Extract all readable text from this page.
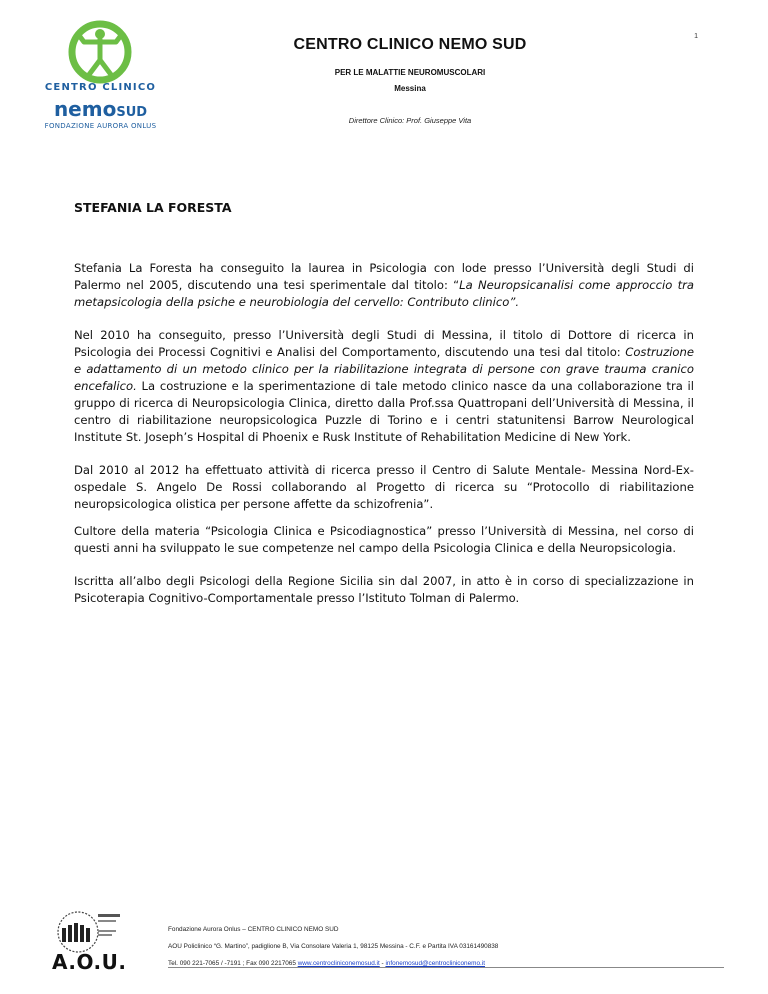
CENTRO CLINICO
nemoSUD
FONDAZIONE AURORA ONLUS
1
CENTRO CLINICO NEMO SUD
PER LE MALATTIE NEUROMUSCOLARI
Messina
Direttore Clinico: Prof. Giuseppe Vita
STEFANIA LA FORESTA

Stefania La Foresta ha conseguito la laurea in Psicologia con lode presso l’Università degli Studi di Palermo nel 2005, discutendo una tesi sperimentale dal titolo: “La Neuropsicanalisi come approccio tra metapsicologia della psiche e neurobiologia del cervello: Contributo clinico”.

Nel 2010 ha conseguito, presso l’Università degli Studi di Messina, il titolo di Dottore di ricerca in Psicologia dei Processi Cognitivi e Analisi del Comportamento, discutendo una tesi dal titolo: Costruzione e adattamento di un metodo clinico per la riabilitazione integrata di persone con grave trauma cranico encefalico. La costruzione e la sperimentazione di tale metodo clinico nasce da una collaborazione tra il gruppo di ricerca di Neuropsicologia Clinica, diretto dalla Prof.ssa Quattropani dell’Università di Messina, il centro di riabilitazione neuropsicologica Puzzle di Torino e i centri statunitensi Barrow Neurological Institute St. Joseph’s Hospital di Phoenix e Rusk Institute of Rehabilitation Medicine di New York.

Dal 2010 al 2012 ha effettuato attività di ricerca presso il Centro di Salute Mentale- Messina Nord-Ex-ospedale S. Angelo De Rossi collaborando al Progetto di ricerca su “Protocollo di riabilitazione neuropsicologica olistica per persone affette da schizofrenia”.

Cultore della materia “Psicologia Clinica e Psicodiagnostica” presso l’Università di Messina, nel corso di questi anni ha sviluppato le sue competenze nel campo della Psicologia Clinica e della Neuropsicologia.

Iscritta all’albo degli Psicologi della Regione Sicilia sin dal 2007, in atto è in corso di specializzazione in Psicoterapia Cognitivo-Comportamentale presso l’Istituto Tolman di Palermo.

A.O.U.
Fondazione Aurora Onlus – CENTRO CLINICO NEMO SUD
AOU Policlinico “G. Martino”, padiglione B, Via Consolare Valeria 1, 98125 Messina - C.F. e Partita IVA 03161490838
Tel. 090 221-7065 / -7191 ; Fax 090 2217065 www.centrocliniconemosud.it - infonemosud@centrocliniconemo.it
